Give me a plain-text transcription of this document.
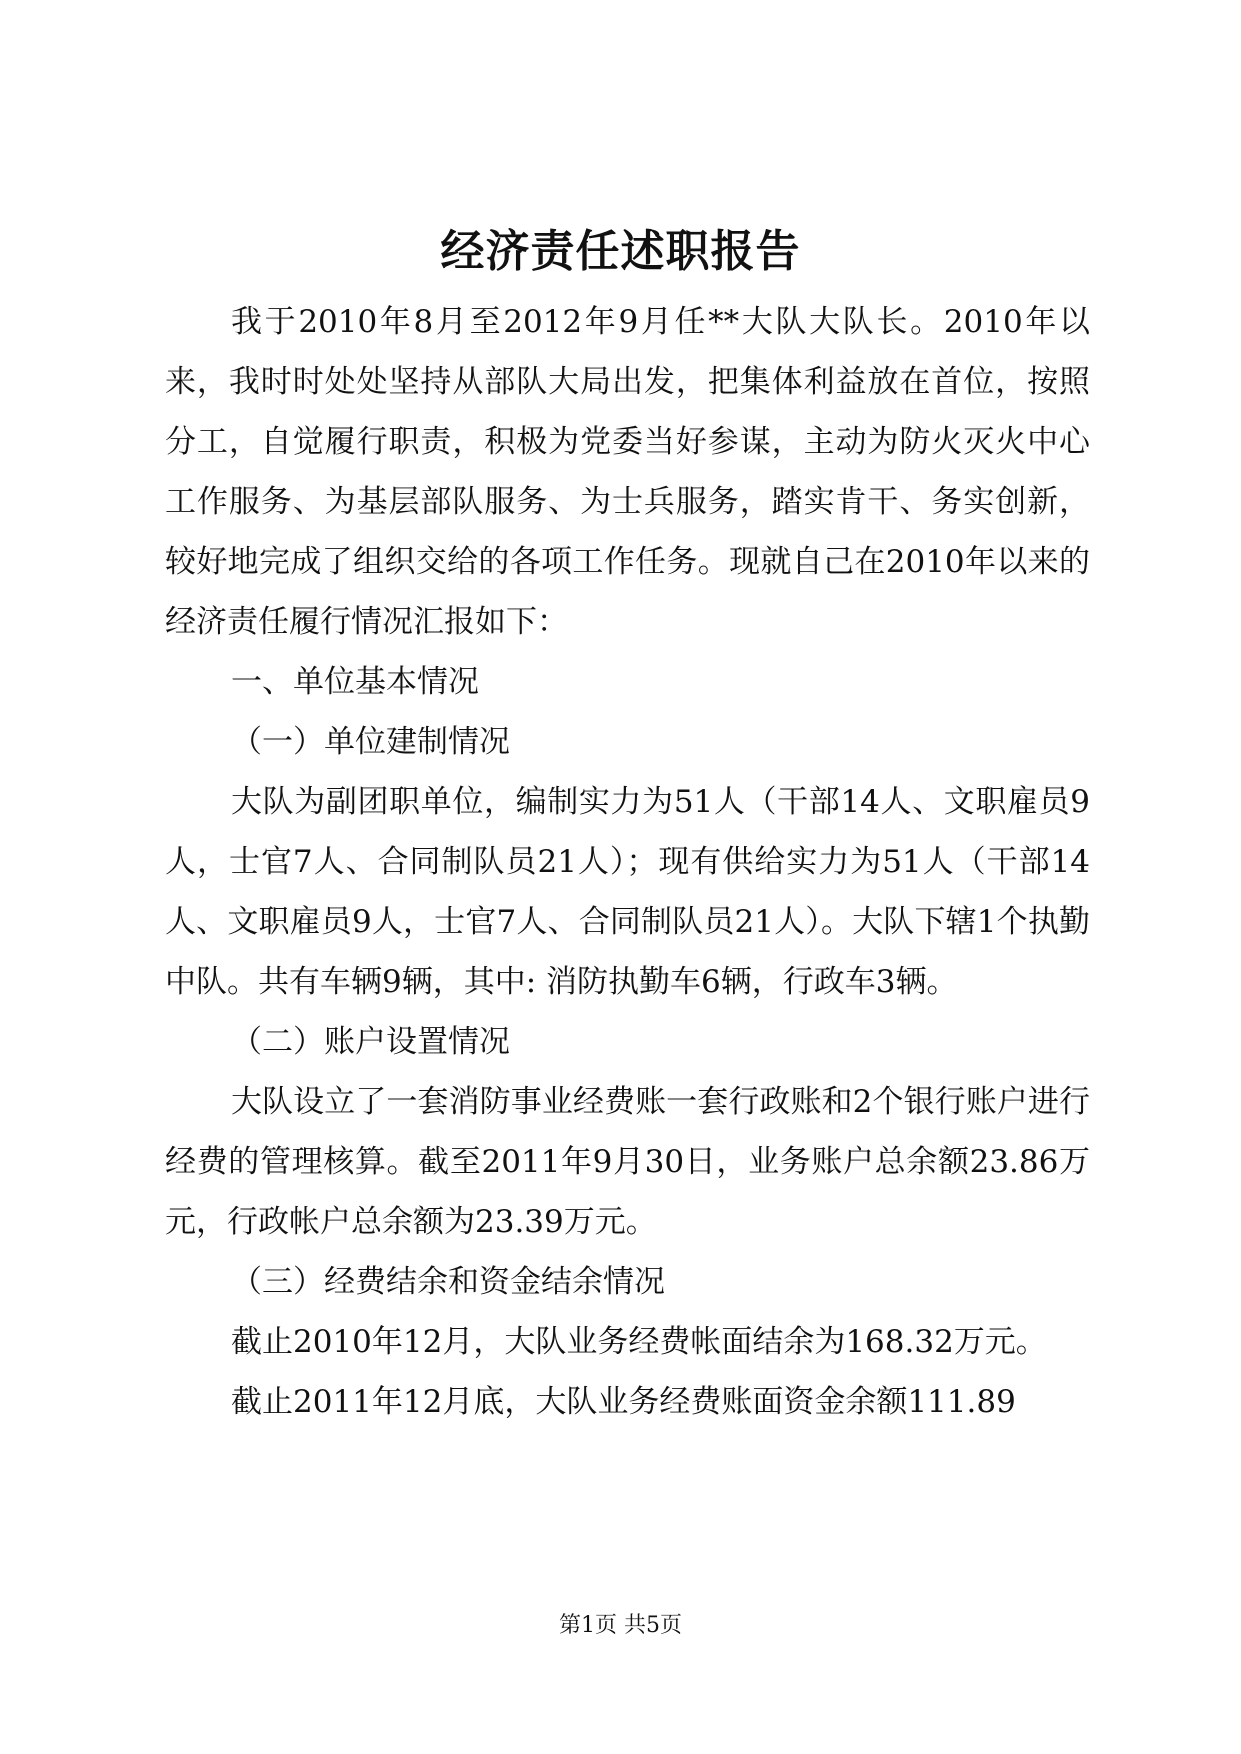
经济责任述职报告

我于2010年8月至2012年9月任**大队大队长。2010年以来，我时时处处坚持从部队大局出发，把集体利益放在首位，按照分工，自觉履行职责，积极为党委当好参谋，主动为防火灭火中心工作服务、为基层部队服务、为士兵服务，踏实肯干、务实创新，较好地完成了组织交给的各项工作任务。现就自己在2010年以来的经济责任履行情况汇报如下：

一、单位基本情况

（一）单位建制情况

大队为副团职单位，编制实力为51人（干部14人、文职雇员9人，士官7人、合同制队员21人）；现有供给实力为51人（干部14人、文职雇员9人，士官7人、合同制队员21人）。大队下辖1个执勤中队。共有车辆9辆，其中: 消防执勤车6辆，行政车3辆。

（二）账户设置情况

大队设立了一套消防事业经费账一套行政账和2个银行账户进行经费的管理核算。截至2011年9月30日，业务账户总余额23.86万元，行政帐户总余额为23.39万元。

（三）经费结余和资金结余情况

截止2010年12月，大队业务经费帐面结余为168.32万元。

截止2011年12月底，大队业务经费账面资金余额111.89

第1页 共5页
